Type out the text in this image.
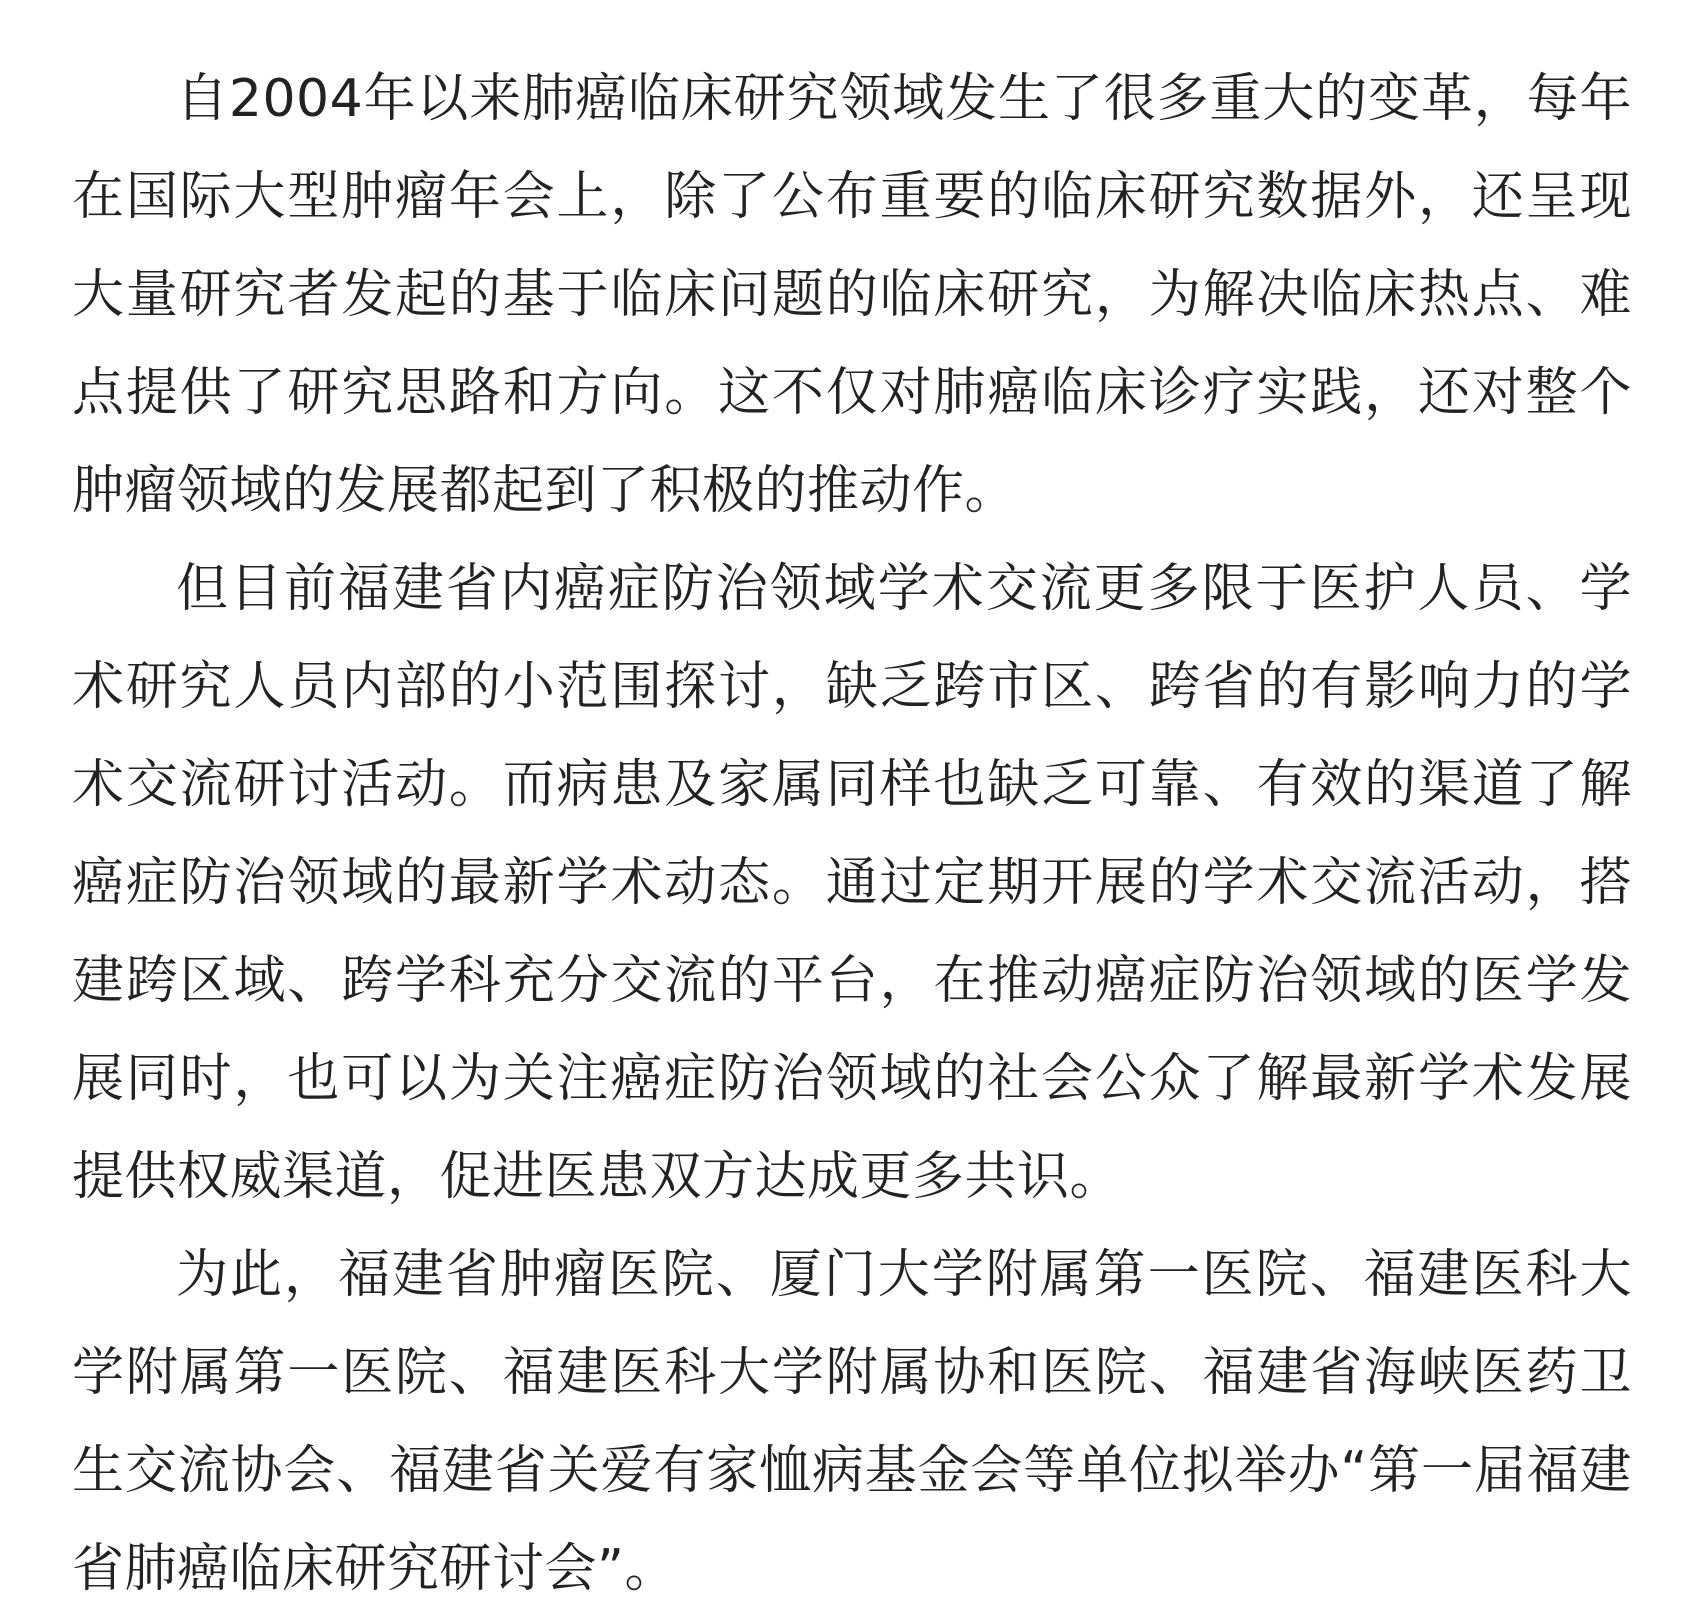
自2004年以来肺癌临床研究领域发生了很多重大的变革，每年在国际大型肿瘤年会上，除了公布重要的临床研究数据外，还呈现大量研究者发起的基于临床问题的临床研究，为解决临床热点、难点提供了研究思路和方向。这不仅对肺癌临床诊疗实践，还对整个肿瘤领域的发展都起到了积极的推动作。

但目前福建省内癌症防治领域学术交流更多限于医护人员、学术研究人员内部的小范围探讨，缺乏跨市区、跨省的有影响力的学术交流研讨活动。而病患及家属同样也缺乏可靠、有效的渠道了解癌症防治领域的最新学术动态。通过定期开展的学术交流活动，搭建跨区域、跨学科充分交流的平台，在推动癌症防治领域的医学发展同时，也可以为关注癌症防治领域的社会公众了解最新学术发展提供权威渠道，促进医患双方达成更多共识。

为此，福建省肿瘤医院、厦门大学附属第一医院、福建医科大学附属第一医院、福建医科大学附属协和医院、福建省海峡医药卫生交流协会、福建省关爱有家恤病基金会等单位拟举办“第一届福建省肺癌临床研究研讨会”。
